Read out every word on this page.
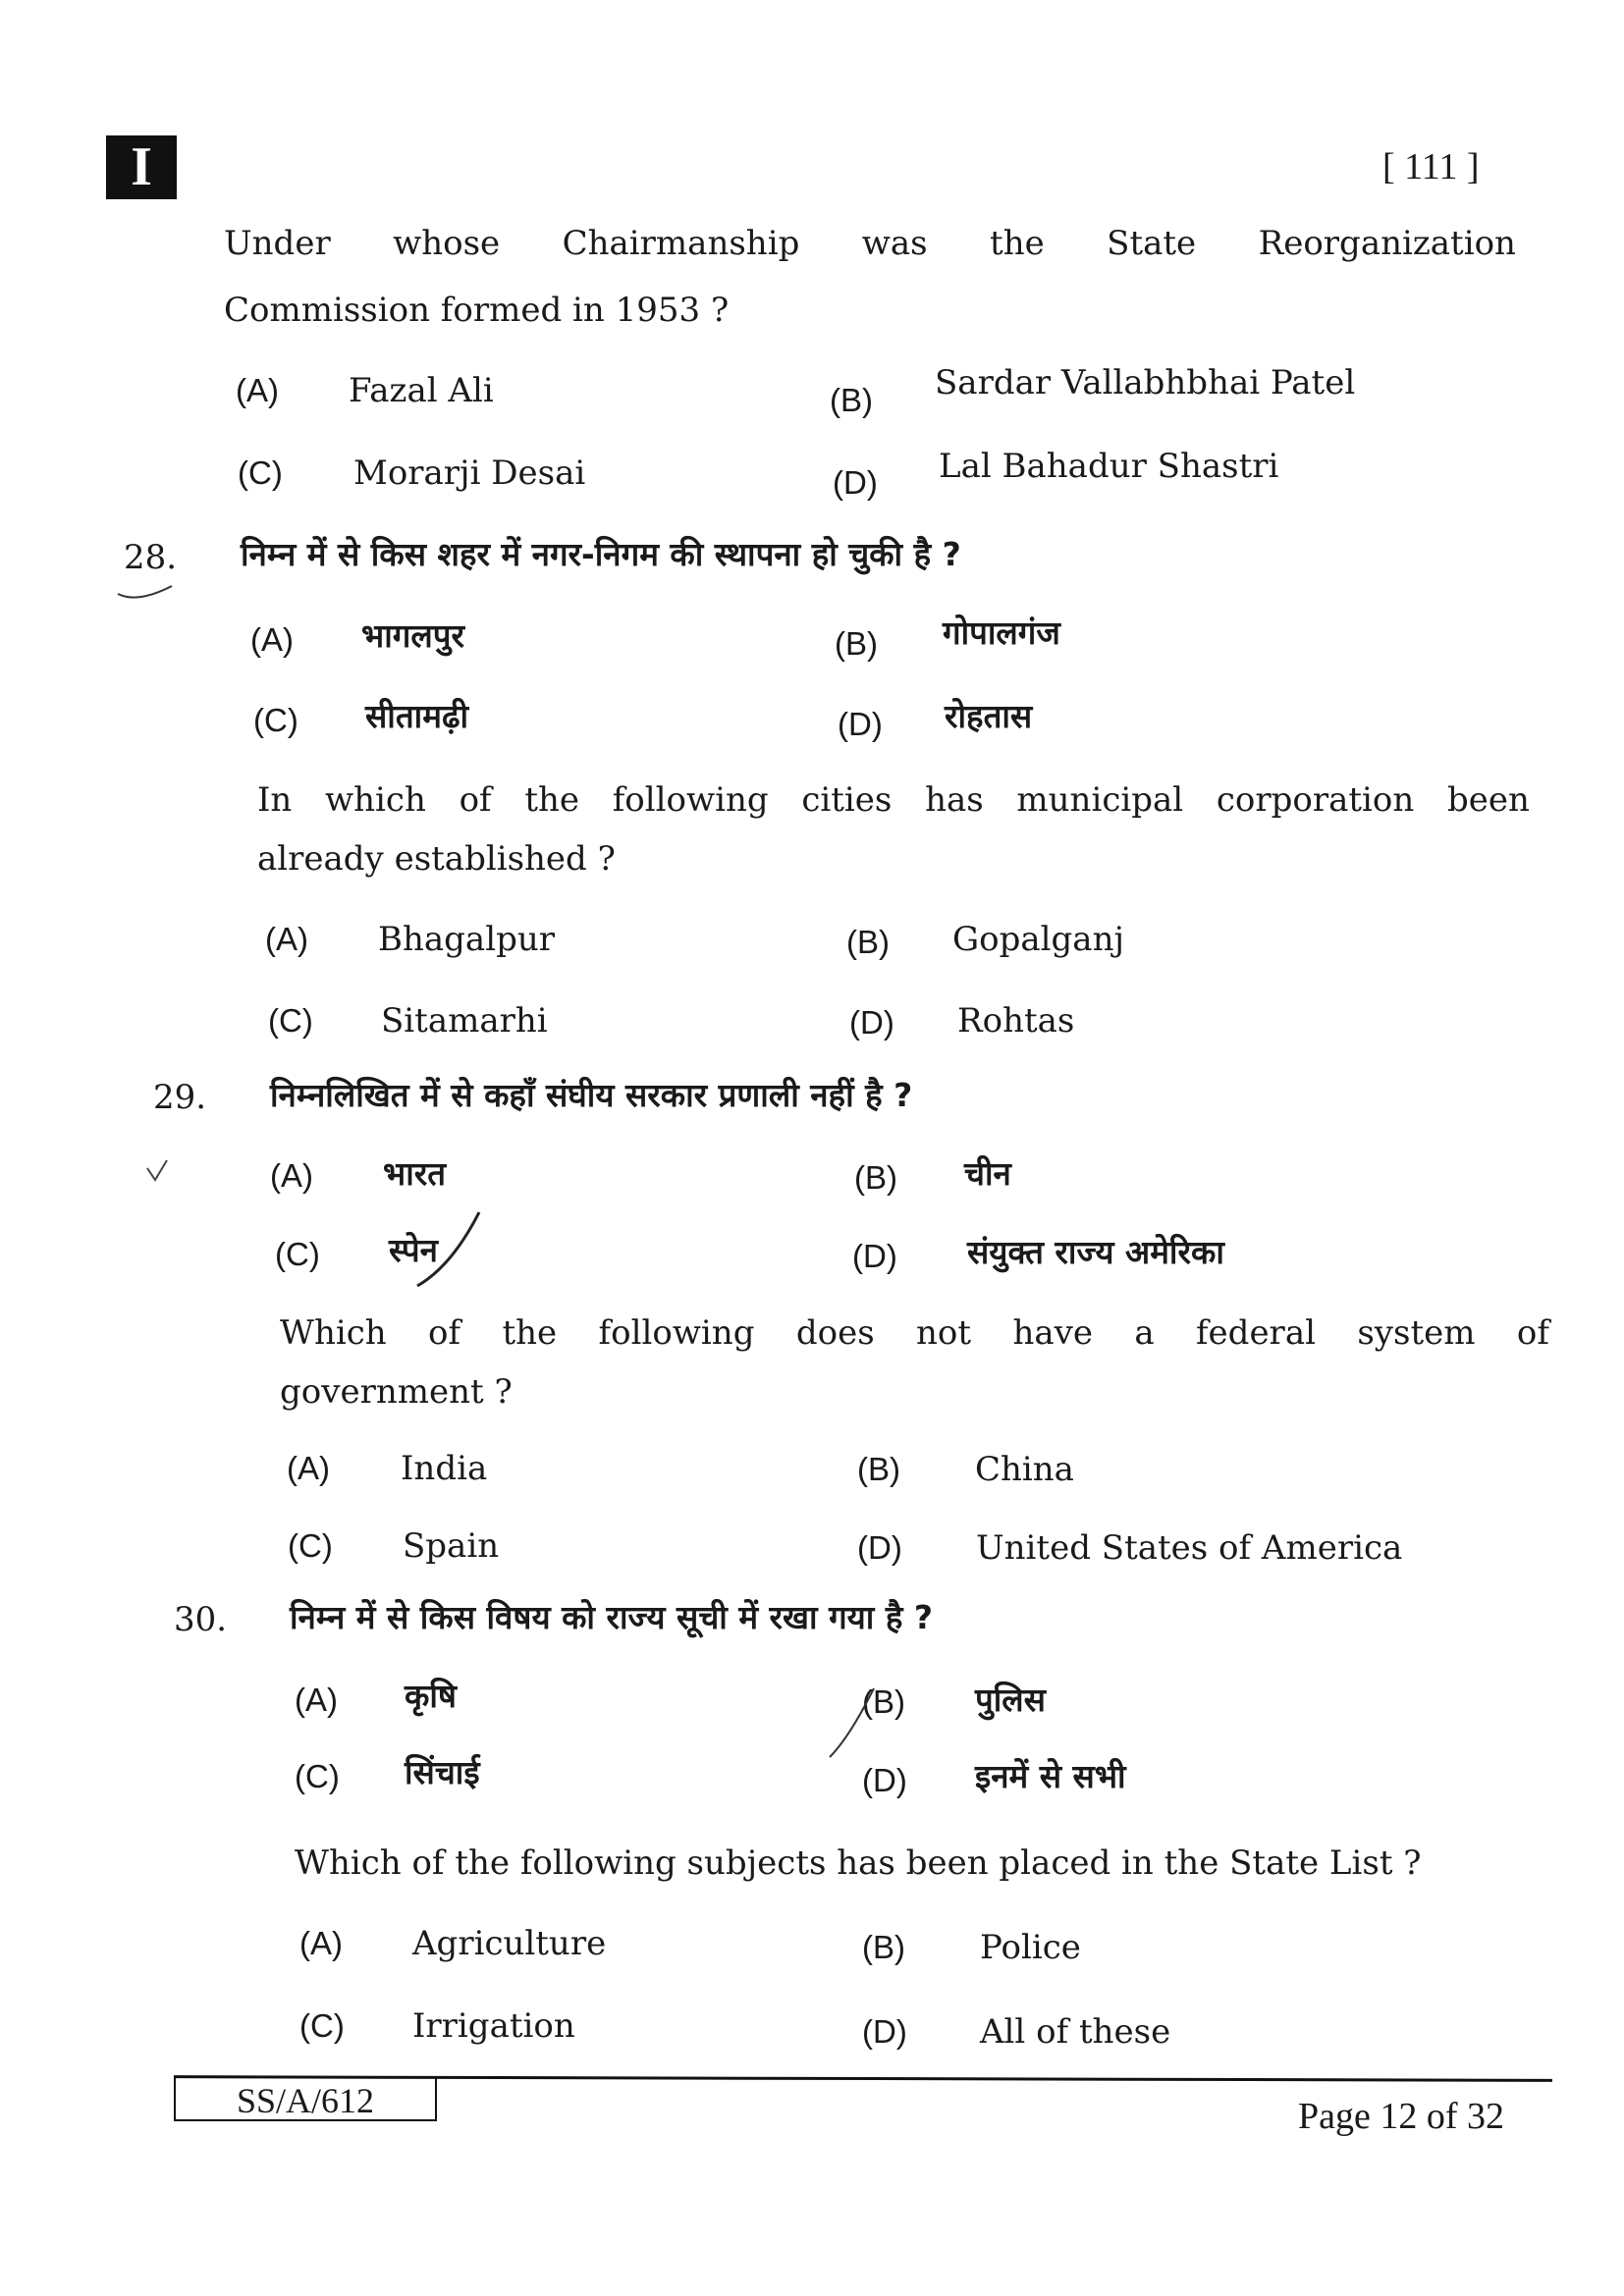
I	[ 111 ]
Under whose Chairmanship was the State Reorganization
Commission formed in 1953 ?
(A) Fazal Ali	(B) Sardar Vallabhbhai Patel
(C) Morarji Desai	(D) Lal Bahadur Shastri
28. निम्न में से किस शहर में नगर-निगम की स्थापना हो चुकी है ?
(A) भागलपुर	(B) गोपालगंज
(C) सीतामढ़ी	(D) रोहतास
In which of the following cities has municipal corporation been
already established ?
(A) Bhagalpur	(B) Gopalganj
(C) Sitamarhi	(D) Rohtas
29. निम्नलिखित में से कहाँ संघीय सरकार प्रणाली नहीं है ?
(A) भारत	(B) चीन
(C) स्पेन	(D) संयुक्त राज्य अमेरिका
Which of the following does not have a federal system of
government ?
(A) India	(B) China
(C) Spain	(D) United States of America
30. निम्न में से किस विषय को राज्य सूची में रखा गया है ?
(A) कृषि	(B) पुलिस
(C) सिंचाई	(D) इनमें से सभी
Which of the following subjects has been placed in the State List ?
(A) Agriculture	(B) Police
(C) Irrigation	(D) All of these
SS/A/612	Page 12 of 32
